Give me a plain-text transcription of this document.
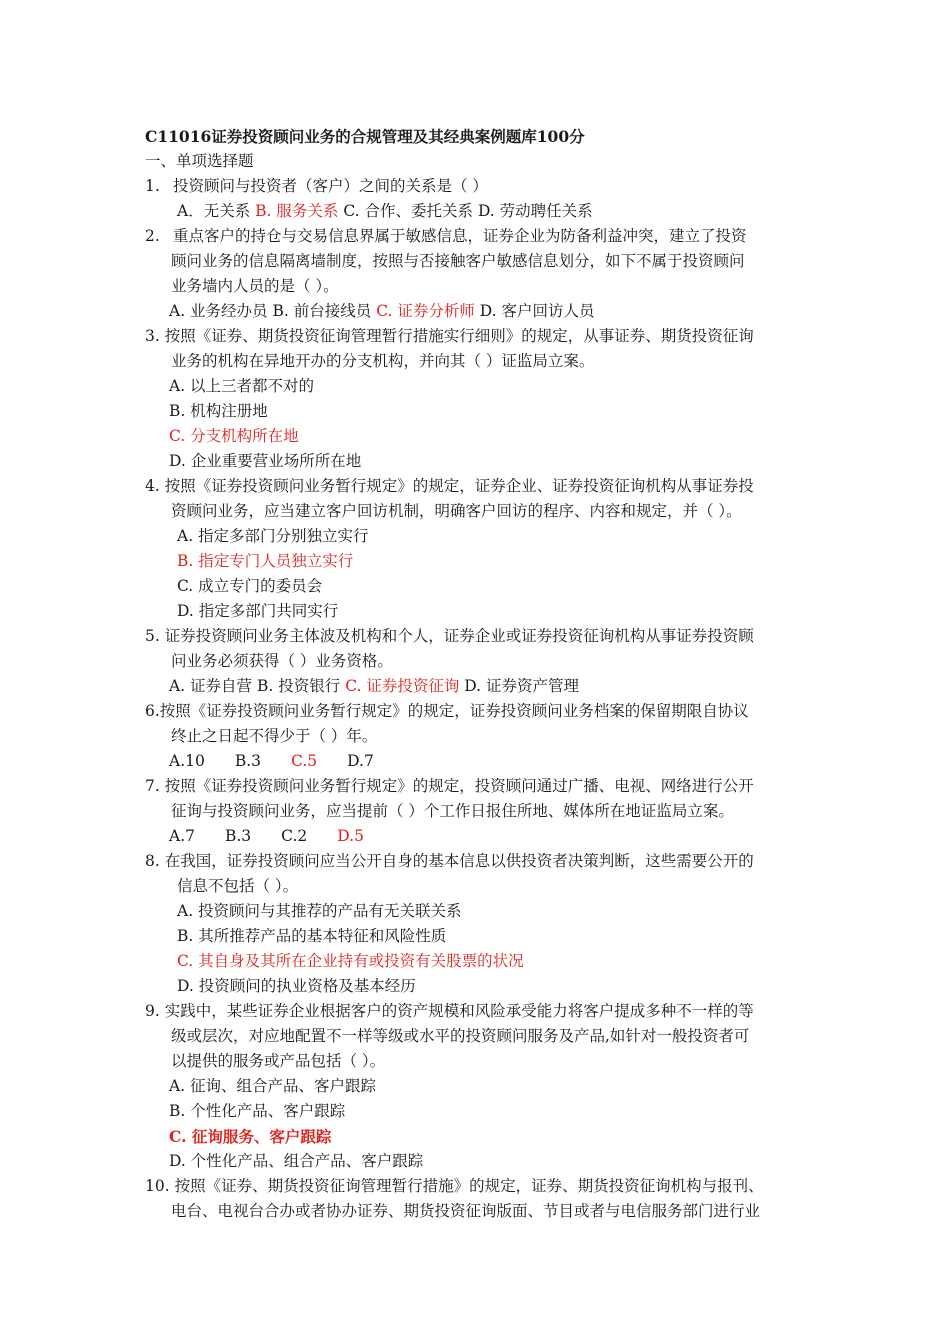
C11016证券投资顾问业务的合规管理及其经典案例题库100分
一、单项选择题
1. 投资顾问与投资者（客户）之间的关系是（ ）
A．无关系 B. 服务关系 C. 合作、委托关系 D. 劳动聘任关系
2. 重点客户的持仓与交易信息界属于敏感信息，证券企业为防备利益冲突，建立了投资
顾问业务的信息隔离墙制度，按照与否接触客户敏感信息划分，如下不属于投资顾问
业务墙内人员的是（ ）。
A. 业务经办员 B. 前台接线员 C. 证券分析师 D. 客户回访人员
3. 按照《证券、期货投资征询管理暂行措施实行细则》的规定，从事证券、期货投资征询
业务的机构在异地开办的分支机构，并向其（ ）证监局立案。
A. 以上三者都不对的
B. 机构注册地
C. 分支机构所在地
D. 企业重要营业场所所在地
4. 按照《证券投资顾问业务暂行规定》的规定，证券企业、证券投资征询机构从事证券投
资顾问业务，应当建立客户回访机制，明确客户回访的程序、内容和规定，并（ ）。
A. 指定多部门分别独立实行
B. 指定专门人员独立实行
C. 成立专门的委员会
D. 指定多部门共同实行
5. 证券投资顾问业务主体波及机构和个人，证券企业或证券投资征询机构从事证券投资顾
问业务必须获得（ ）业务资格。
A. 证券自营 B. 投资银行 C. 证券投资征询 D. 证券资产管理
6.按照《证券投资顾问业务暂行规定》的规定，证券投资顾问业务档案的保留期限自协议
终止之日起不得少于（ ）年。
A.10 B.3 C.5 D.7
7. 按照《证券投资顾问业务暂行规定》的规定，投资顾问通过广播、电视、网络进行公开
征询与投资顾问业务，应当提前（ ）个工作日报住所地、媒体所在地证监局立案。
A.7 B.3 C.2 D.5
8. 在我国，证券投资顾问应当公开自身的基本信息以供投资者决策判断，这些需要公开的
信息不包括（ ）。
A. 投资顾问与其推荐的产品有无关联关系
B. 其所推荐产品的基本特征和风险性质
C. 其自身及其所在企业持有或投资有关股票的状况
D. 投资顾问的执业资格及基本经历
9. 实践中，某些证券企业根据客户的资产规模和风险承受能力将客户提成多种不一样的等
级或层次，对应地配置不一样等级或水平的投资顾问服务及产品,如针对一般投资者可
以提供的服务或产品包括（ ）。
A. 征询、组合产品、客户跟踪
B. 个性化产品、客户跟踪
C. 征询服务、客户跟踪
D. 个性化产品、组合产品、客户跟踪
10. 按照《证券、期货投资征询管理暂行措施》的规定，证券、期货投资征询机构与报刊、
电台、电视台合办或者协办证券、期货投资征询版面、节目或者与电信服务部门进行业
